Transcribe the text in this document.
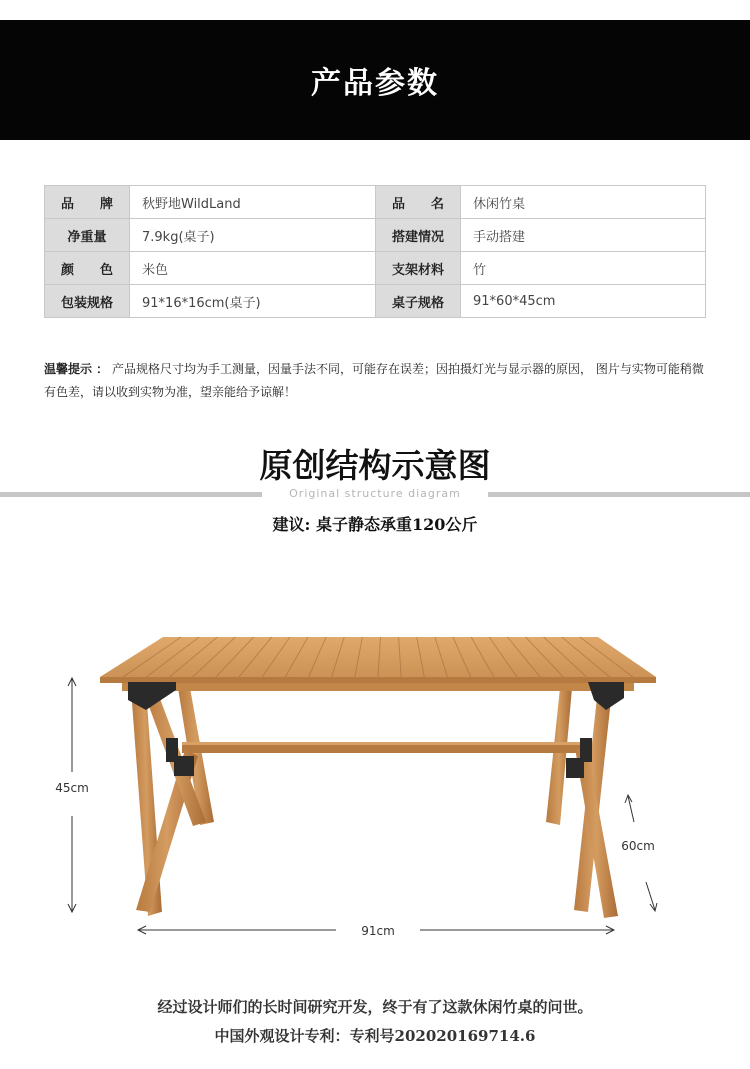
产品参数
品　　牌	秋野地WildLand	品　　名	休闲竹桌
净重量	7.9kg(桌子)	搭建情况	手动搭建
颜　　色	米色	支架材料	竹
包装规格	91*16*16cm(桌子)	桌子规格	91*60*45cm
温馨提示 ： 产品规格尺寸均为手工测量，因量手法不同，可能存在误差；因拍摄灯光与显示器的原因， 图片与实物可能稍微有色差，请以收到实物为准，望亲能给予谅解！
原创结构示意图
Original structure diagram
建议: 桌子静态承重120公斤
45cm
60cm
91cm
经过设计师们的长时间研究开发，终于有了这款休闲竹桌的问世。
中国外观设计专利：专利号202020169714.6
